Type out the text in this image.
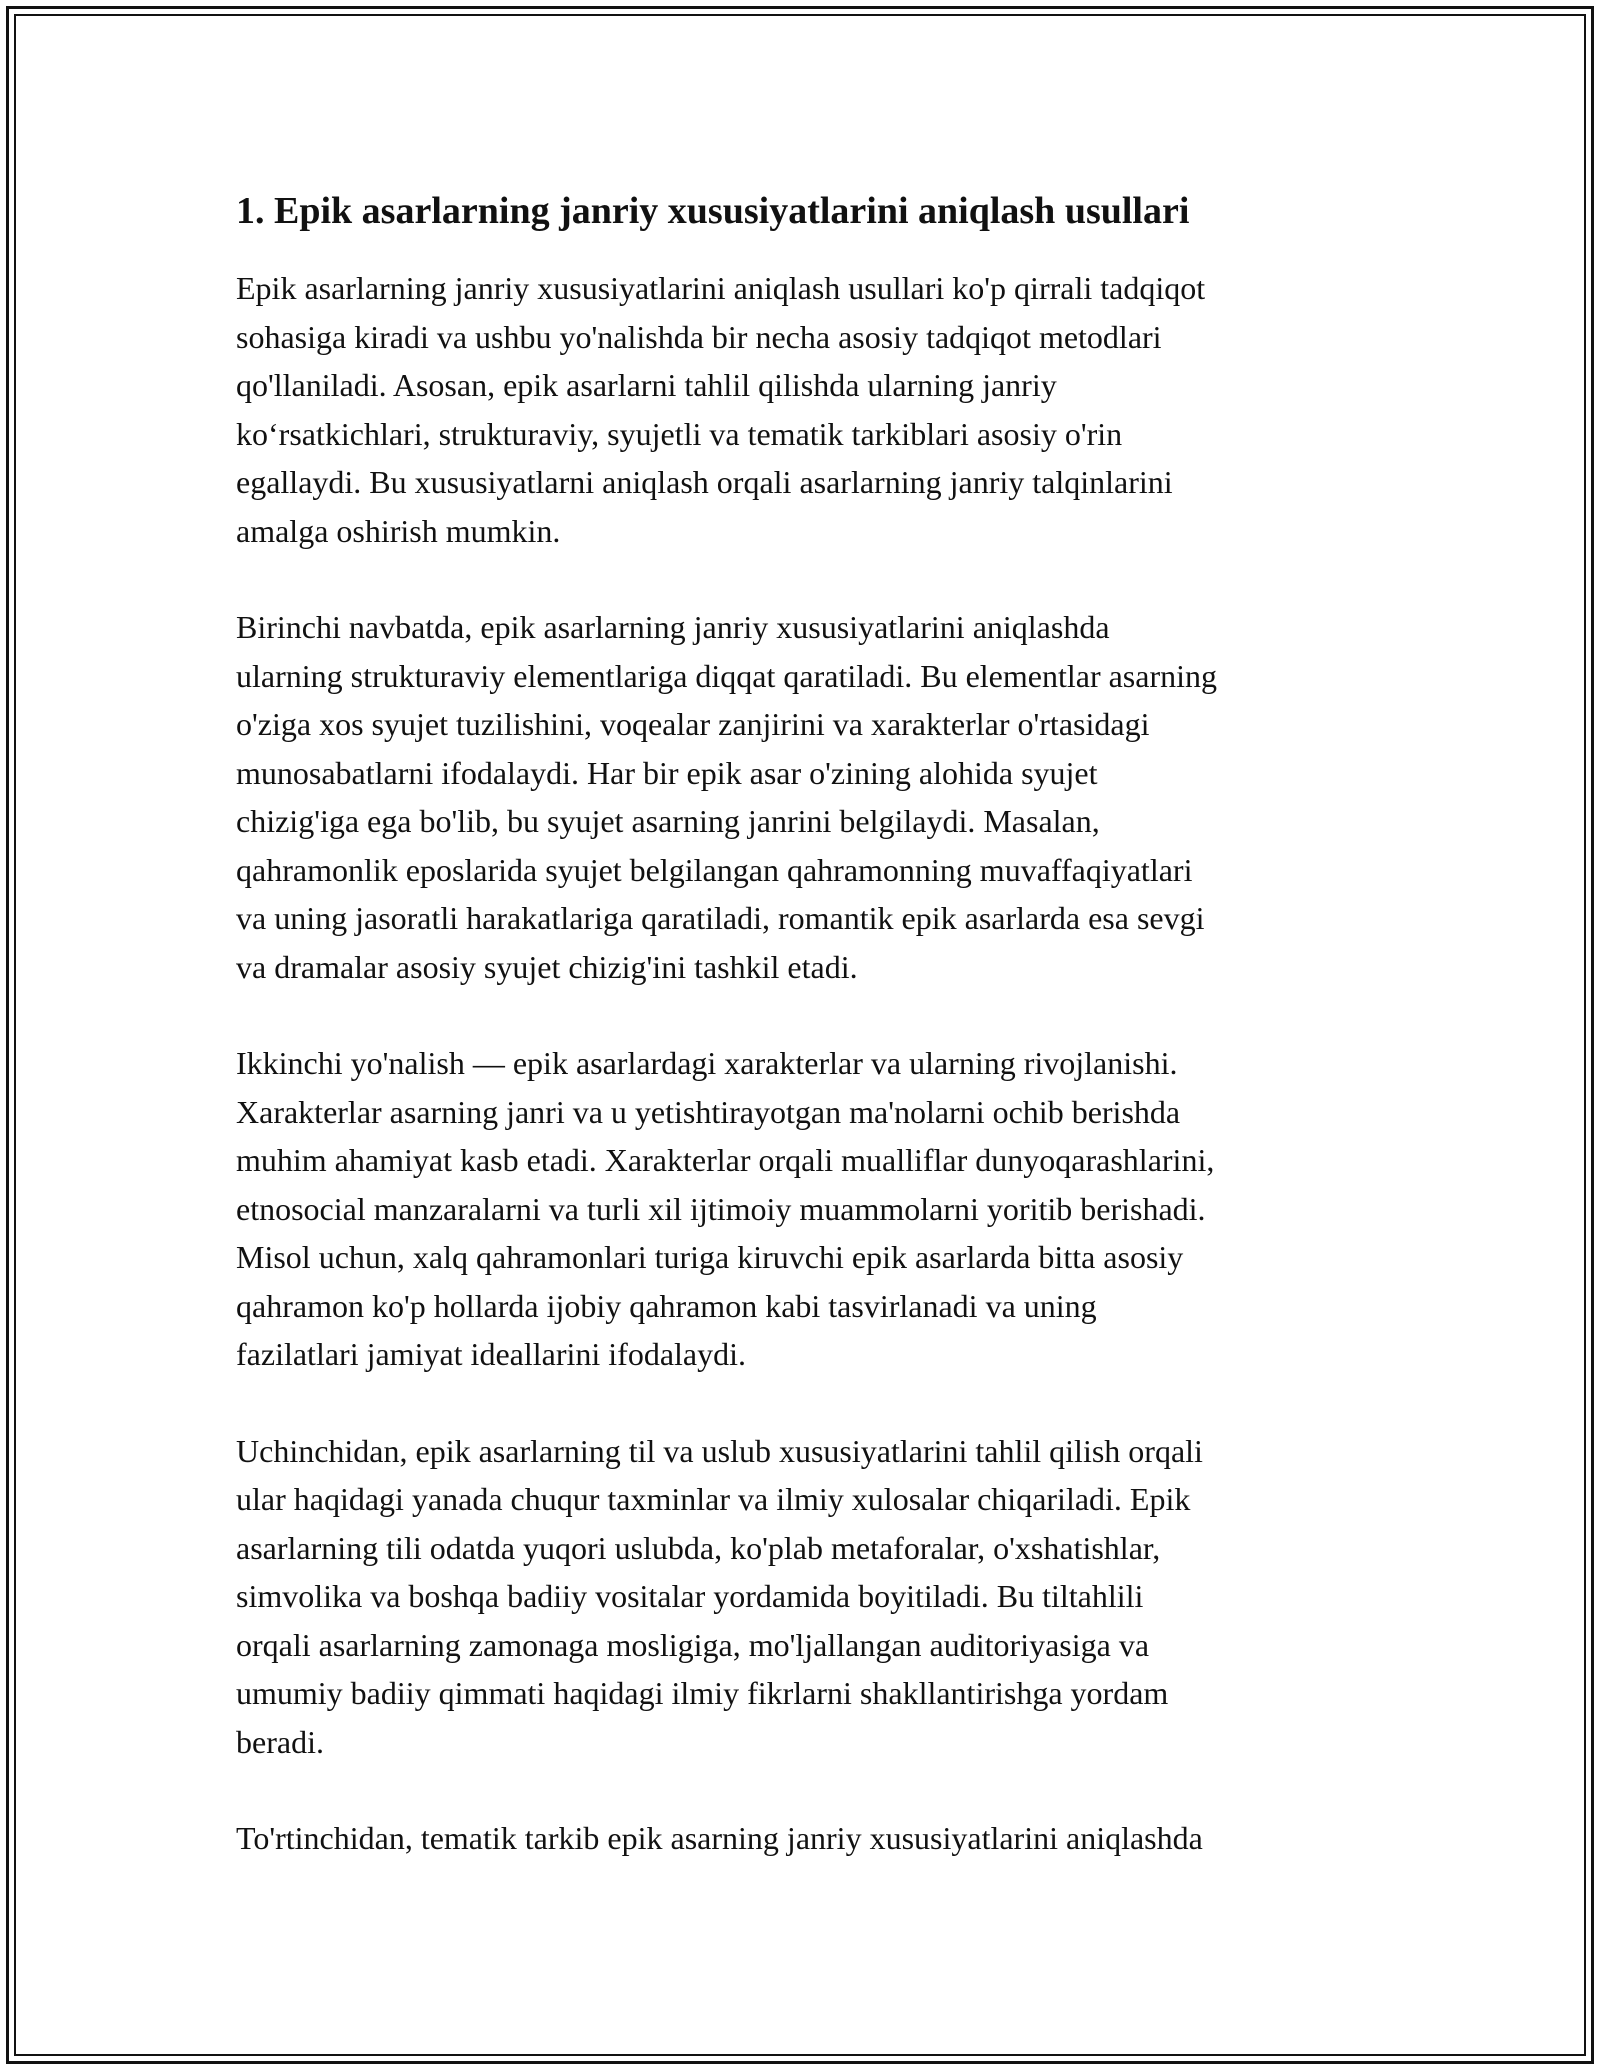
1. Epik asarlarning janriy xususiyatlarini aniqlash usullari

Epik asarlarning janriy xususiyatlarini aniqlash usullari ko'p qirrali tadqiqot
sohasiga kiradi va ushbu yo'nalishda bir necha asosiy tadqiqot metodlari
qo'llaniladi. Asosan, epik asarlarni tahlil qilishda ularning janriy
ko‘rsatkichlari, strukturaviy, syujetli va tematik tarkiblari asosiy o'rin
egallaydi. Bu xususiyatlarni aniqlash orqali asarlarning janriy talqinlarini
amalga oshirish mumkin.

Birinchi navbatda, epik asarlarning janriy xususiyatlarini aniqlashda
ularning strukturaviy elementlariga diqqat qaratiladi. Bu elementlar asarning
o'ziga xos syujet tuzilishini, voqealar zanjirini va xarakterlar o'rtasidagi
munosabatlarni ifodalaydi. Har bir epik asar o'zining alohida syujet
chizig'iga ega bo'lib, bu syujet asarning janrini belgilaydi. Masalan,
qahramonlik eposlarida syujet belgilangan qahramonning muvaffaqiyatlari
va uning jasoratli harakatlariga qaratiladi, romantik epik asarlarda esa sevgi
va dramalar asosiy syujet chizig'ini tashkil etadi.

Ikkinchi yo'nalish — epik asarlardagi xarakterlar va ularning rivojlanishi.
Xarakterlar asarning janri va u yetishtirayotgan ma'nolarni ochib berishda
muhim ahamiyat kasb etadi. Xarakterlar orqali mualliflar dunyoqarashlarini,
etnosocial manzaralarni va turli xil ijtimoiy muammolarni yoritib berishadi.
Misol uchun, xalq qahramonlari turiga kiruvchi epik asarlarda bitta asosiy
qahramon ko'p hollarda ijobiy qahramon kabi tasvirlanadi va uning
fazilatlari jamiyat ideallarini ifodalaydi.

Uchinchidan, epik asarlarning til va uslub xususiyatlarini tahlil qilish orqali
ular haqidagi yanada chuqur taxminlar va ilmiy xulosalar chiqariladi. Epik
asarlarning tili odatda yuqori uslubda, ko'plab metaforalar, o'xshatishlar,
simvolika va boshqa badiiy vositalar yordamida boyitiladi. Bu tiltahlili
orqali asarlarning zamonaga mosligiga, mo'ljallangan auditoriyasiga va
umumiy badiiy qimmati haqidagi ilmiy fikrlarni shakllantirishga yordam
beradi.

To'rtinchidan, tematik tarkib epik asarning janriy xususiyatlarini aniqlashda
